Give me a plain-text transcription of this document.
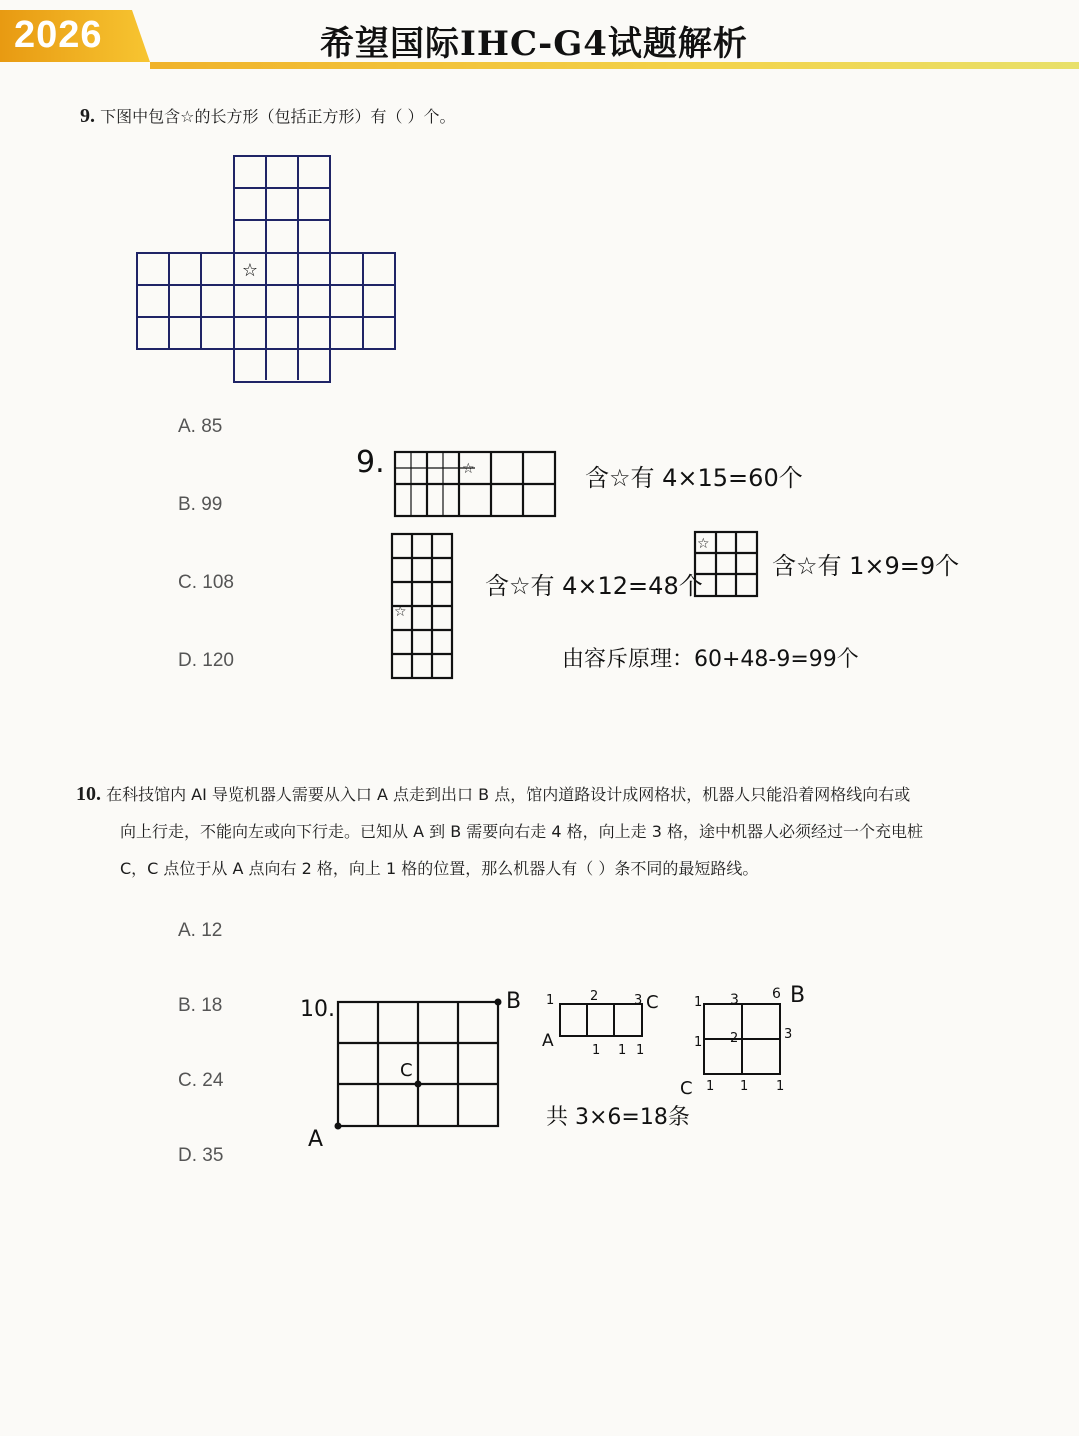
2026	希望国际IHC-G4试题解析
9. 下图中包含☆的长方形（包括正方形）有（ ）个。
☆
A. 85
B. 99
C. 108
D. 120
9.	☆	含☆有 4×15=60个
☆
含☆有 4×12=48个
☆
含☆有 1×9=9个
由容斥原理：60+48-9=99个
10. 在科技馆内 AI 导览机器人需要从入口 A 点走到出口 B 点，馆内道路设计成网格状，机器人只能沿着网格线向右或
向上行走，不能向左或向下行走。已知从 A 到 B 需要向右走 4 格，向上走 3 格，途中机器人必须经过一个充电桩
C，C 点位于从 A 点向右 2 格，向上 1 格的位置，那么机器人有（ ）条不同的最短路线。
A. 12
B. 18
C. 24
D. 35
10.	B
C
A
1	2	3 C
A	1 1 1
1 3 6 B
3
2
1
C 1 1 1
共 3×6=18条
